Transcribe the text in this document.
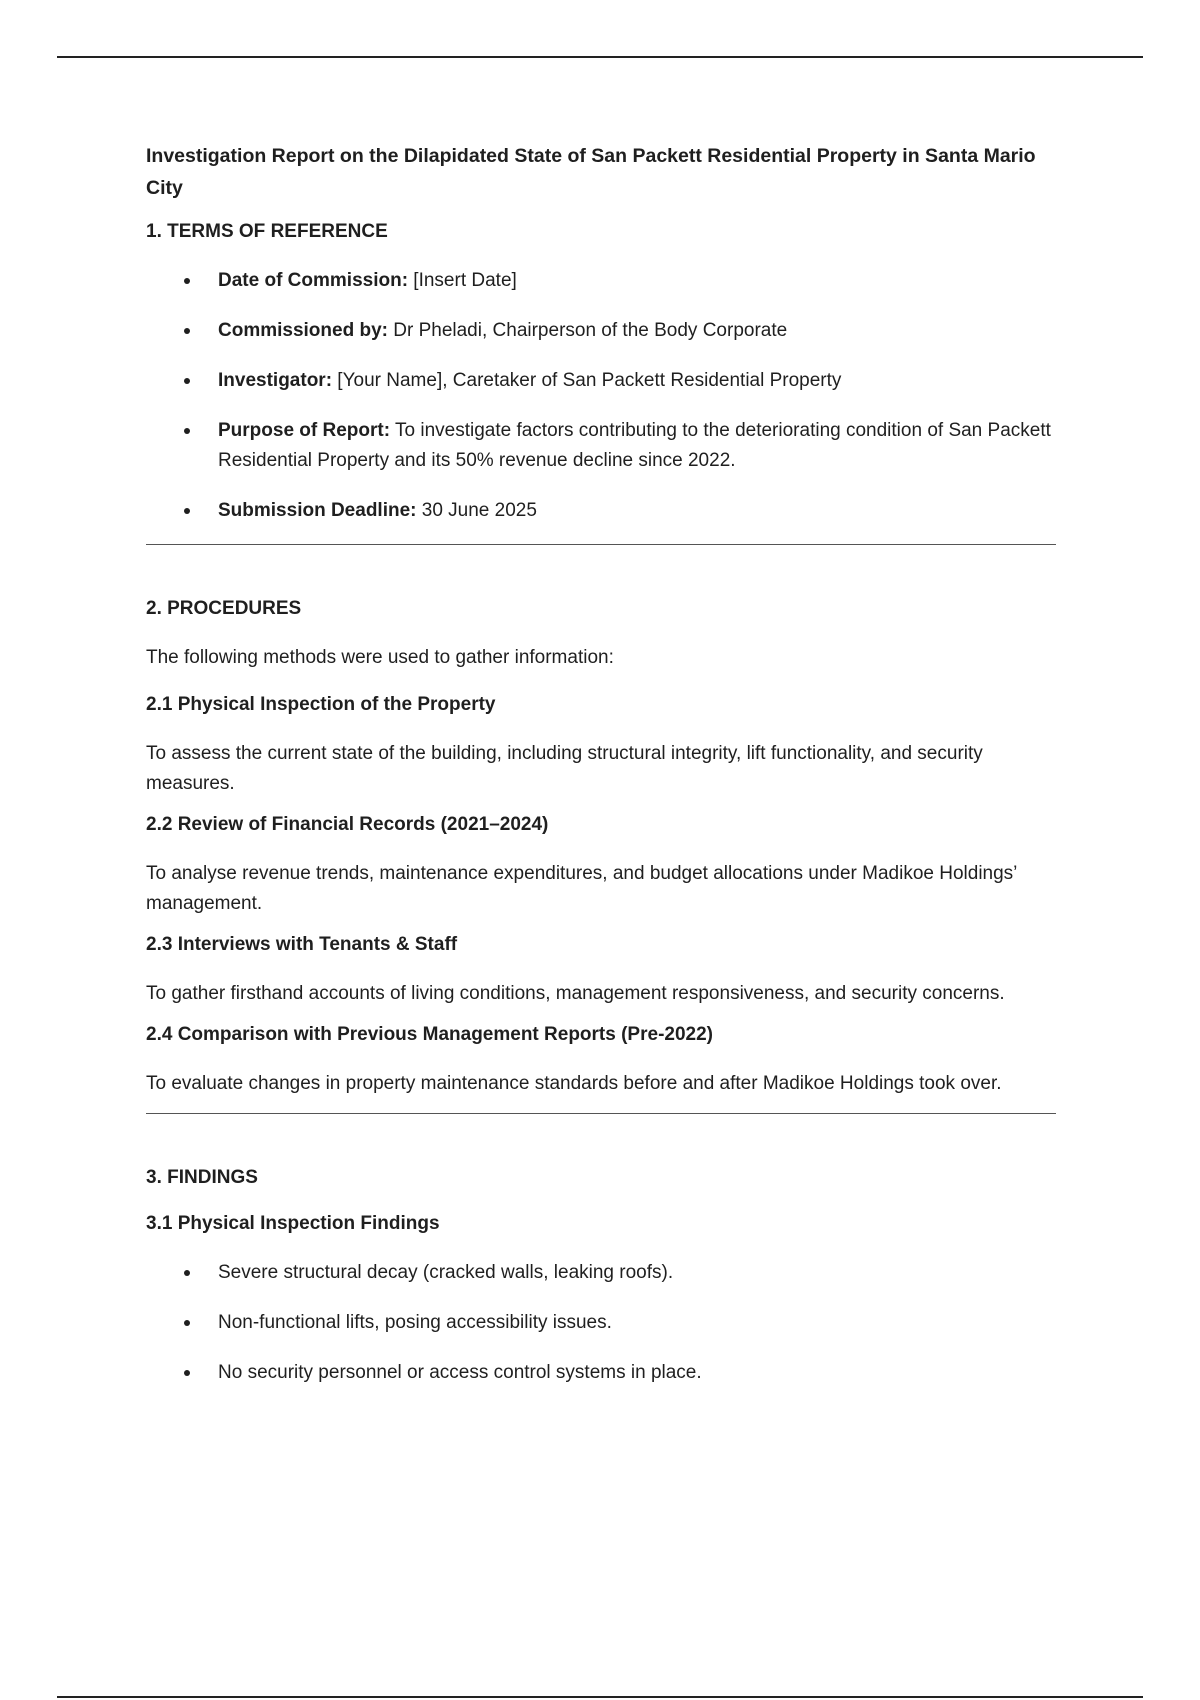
Investigation Report on the Dilapidated State of San Packett Residential Property in Santa Mario City
1. TERMS OF REFERENCE
Date of Commission: [Insert Date]
Commissioned by: Dr Pheladi, Chairperson of the Body Corporate
Investigator: [Your Name], Caretaker of San Packett Residential Property
Purpose of Report: To investigate factors contributing to the deteriorating condition of San Packett Residential Property and its 50% revenue decline since 2022.
Submission Deadline: 30 June 2025
2. PROCEDURES
The following methods were used to gather information:
2.1 Physical Inspection of the Property
To assess the current state of the building, including structural integrity, lift functionality, and security measures.
2.2 Review of Financial Records (2021–2024)
To analyse revenue trends, maintenance expenditures, and budget allocations under Madikoe Holdings’ management.
2.3 Interviews with Tenants & Staff
To gather firsthand accounts of living conditions, management responsiveness, and security concerns.
2.4 Comparison with Previous Management Reports (Pre-2022)
To evaluate changes in property maintenance standards before and after Madikoe Holdings took over.
3. FINDINGS
3.1 Physical Inspection Findings
Severe structural decay (cracked walls, leaking roofs).
Non-functional lifts, posing accessibility issues.
No security personnel or access control systems in place.
